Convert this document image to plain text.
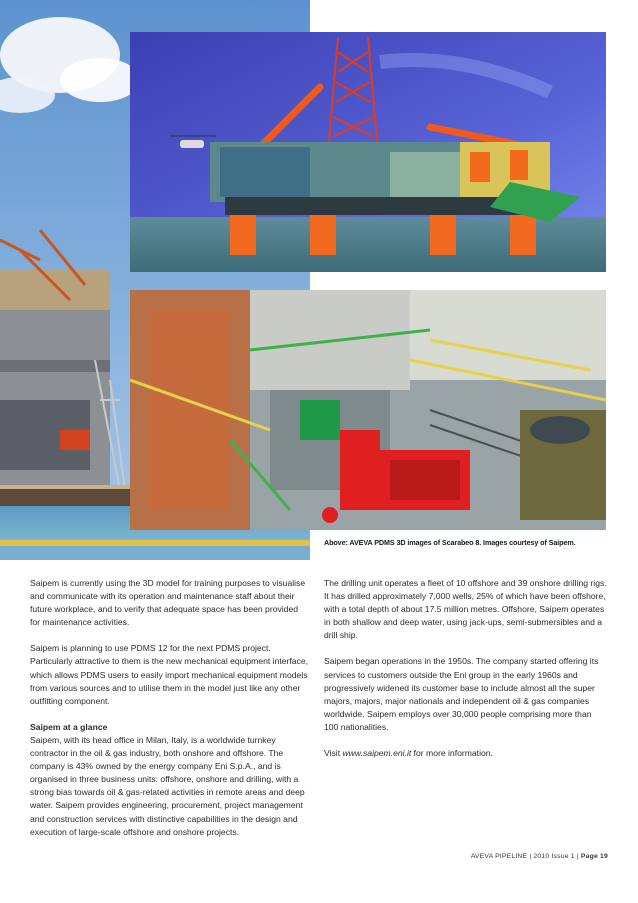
Above: AVEVA PDMS 3D images of Scarabeo 8. Images courtesy of Saipem.

Saipem is currently using the 3D model for training purposes to visualise and communicate with its operation and maintenance staff about their future workplace, and to verify that adequate space has been provided for maintenance activities.

Saipem is planning to use PDMS 12 for the next PDMS project. Particularly attractive to them is the new mechanical equipment interface, which allows PDMS users to easily import mechanical equipment models from various sources and to utilise them in the model just like any other outfitting component.

Saipem at a glance
Saipem, with its head office in Milan, Italy, is a worldwide turnkey contractor in the oil & gas industry, both onshore and offshore. The company is 43% owned by the energy company Eni S.p.A., and is organised in three business units: offshore, onshore and drilling, with a strong bias towards oil & gas-related activities in remote areas and deep water. Saipem provides engineering, procurement, project management and construction services with distinctive capabilities in the design and execution of large-scale offshore and onshore projects.

The drilling unit operates a fleet of 10 offshore and 39 onshore drilling rigs. It has drilled approximately 7,000 wells, 25% of which have been offshore, with a total depth of about 17.5 million metres. Offshore, Saipem operates in both shallow and deep water, using jack-ups, semi-submersibles and a drill ship.

Saipem began operations in the 1950s. The company started offering its services to customers outside the Eni group in the early 1960s and progressively widened its customer base to include almost all the super majors, majors, major nationals and independent oil & gas companies worldwide. Saipem employs over 30,000 people comprising more than 100 nationalities.

Visit www.saipem.eni.it for more information.

AVEVA PIPELINE | 2010 Issue 1 | Page 19
